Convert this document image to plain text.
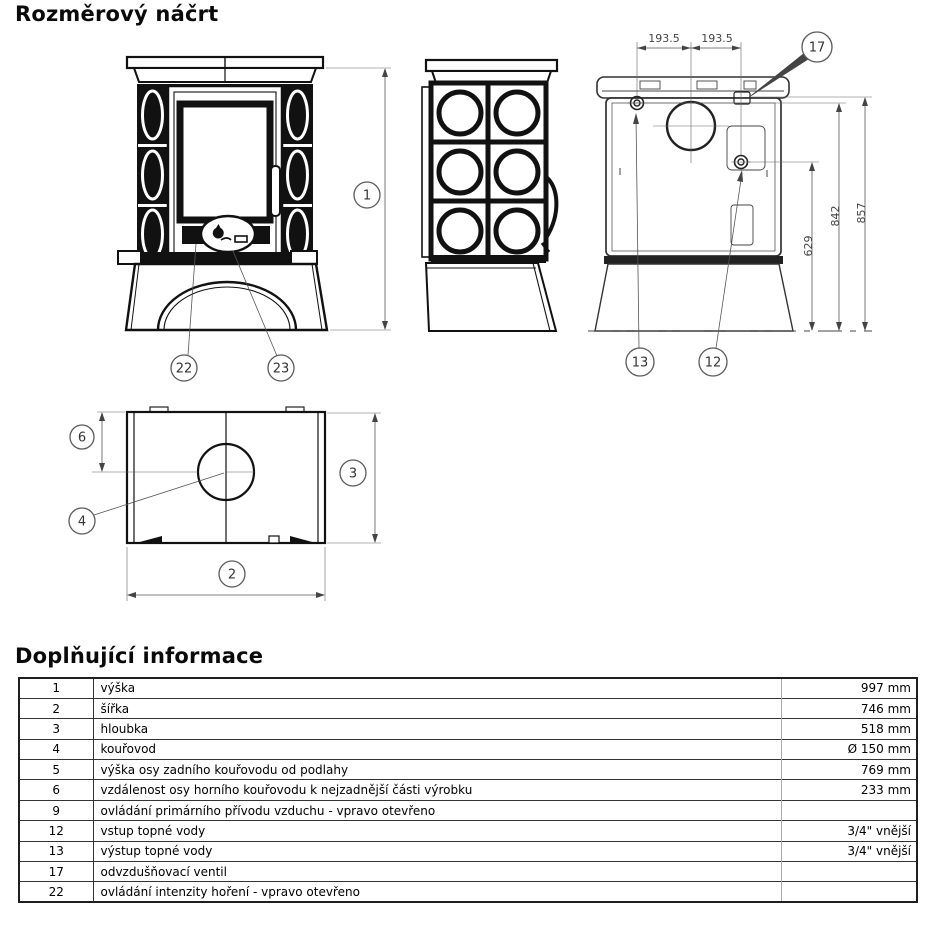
1
22	23
193.5 193.5
629
842 857
17
13	12
6
4
3
2
Rozměrový náčrt
Doplňující informace
1	výška	997 mm
2	šířka	746 mm
3	hloubka	518 mm
4	kouřovod	Ø 150 mm
5	výška osy zadního kouřovodu od podlahy	769 mm
6	vzdálenost osy horního kouřovodu k nejzadnější části výrobku	233 mm
9	ovládání primárního přívodu vzduchu - vpravo otevřeno	
12	vstup topné vody	3/4" vnější
13	výstup topné vody	3/4" vnější
17	odvzdušňovací ventil	
22	ovládání intenzity hoření - vpravo otevřeno	
